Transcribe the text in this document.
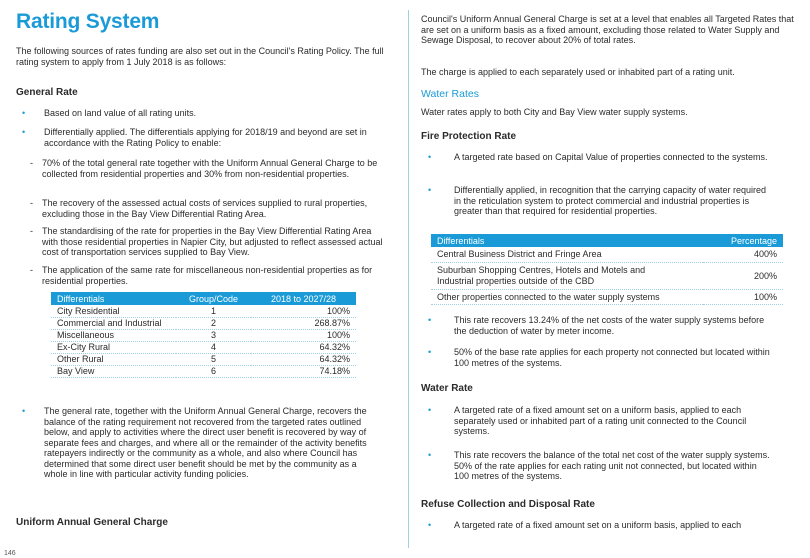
Rating System

The following sources of rates funding are also set out in the Council's Rating Policy. The full rating system to apply from 1 July 2018 is as follows:

General Rate
•	Based on land value of all rating units.
•	Differentially applied. The differentials applying for 2018/19 and beyond are set in accordance with the Rating Policy to enable:
- 70% of the total general rate together with the Uniform Annual General Charge to be collected from residential properties and 30% from non-residential properties.
- The recovery of the assessed actual costs of services supplied to rural properties, excluding those in the Bay View Differential Rating Area.
- The standardising of the rate for properties in the Bay View Differential Rating Area with those residential properties in Napier City, but adjusted to reflect assessed actual cost of transportation services supplied to Bay View.
- The application of the same rate for miscellaneous non-residential properties as for residential properties.
Differentials	Group/Code	2018 to 2027/28
City Residential	1	100%
Commercial and Industrial	2	268.87%
Miscellaneous	3	100%
Ex-City Rural	4	64.32%
Other Rural	5	64.32%
Bay View	6	74.18%
•	The general rate, together with the Uniform Annual General Charge, recovers the balance of the rating requirement not recovered from the targeted rates outlined below, and apply to activities where the direct user benefit is recovered by way of separate fees and charges, and where all or the remainder of the activity benefits ratepayers indirectly or the community as a whole, and also where Council has determined that some direct user benefit should be met by the community as a whole in line with particular activity funding policies.
Uniform Annual General Charge

Council's Uniform Annual General Charge is set at a level that enables all Targeted Rates that are set on a uniform basis as a fixed amount, excluding those related to Water Supply and Sewage Disposal, to recover about 20% of total rates.

The charge is applied to each separately used or inhabited part of a rating unit.

Water Rates

Water rates apply to both City and Bay View water supply systems.

Fire Protection Rate
•	A targeted rate based on Capital Value of properties connected to the systems.
•	Differentially applied, in recognition that the carrying capacity of water required in the reticulation system to protect commercial and industrial properties is greater than that required for residential properties.
Differentials	Percentage
Central Business District and Fringe Area	400%
Suburban Shopping Centres, Hotels and Motels and Industrial properties outside of the CBD	200%
Other properties connected to the water supply systems	100%
•	This rate recovers 13.24% of the net costs of the water supply systems before the deduction of water by meter income.
•	50% of the base rate applies for each property not connected but located within 100 metres of the systems.
Water Rate
•	A targeted rate of a fixed amount set on a uniform basis, applied to each separately used or inhabited part of a rating unit connected to the Council systems.
•	This rate recovers the balance of the total net cost of the water supply systems. 50% of the rate applies for each rating unit not connected, but located within 100 metres of the systems.
Refuse Collection and Disposal Rate
•	A targeted rate of a fixed amount set on a uniform basis, applied to each
146
